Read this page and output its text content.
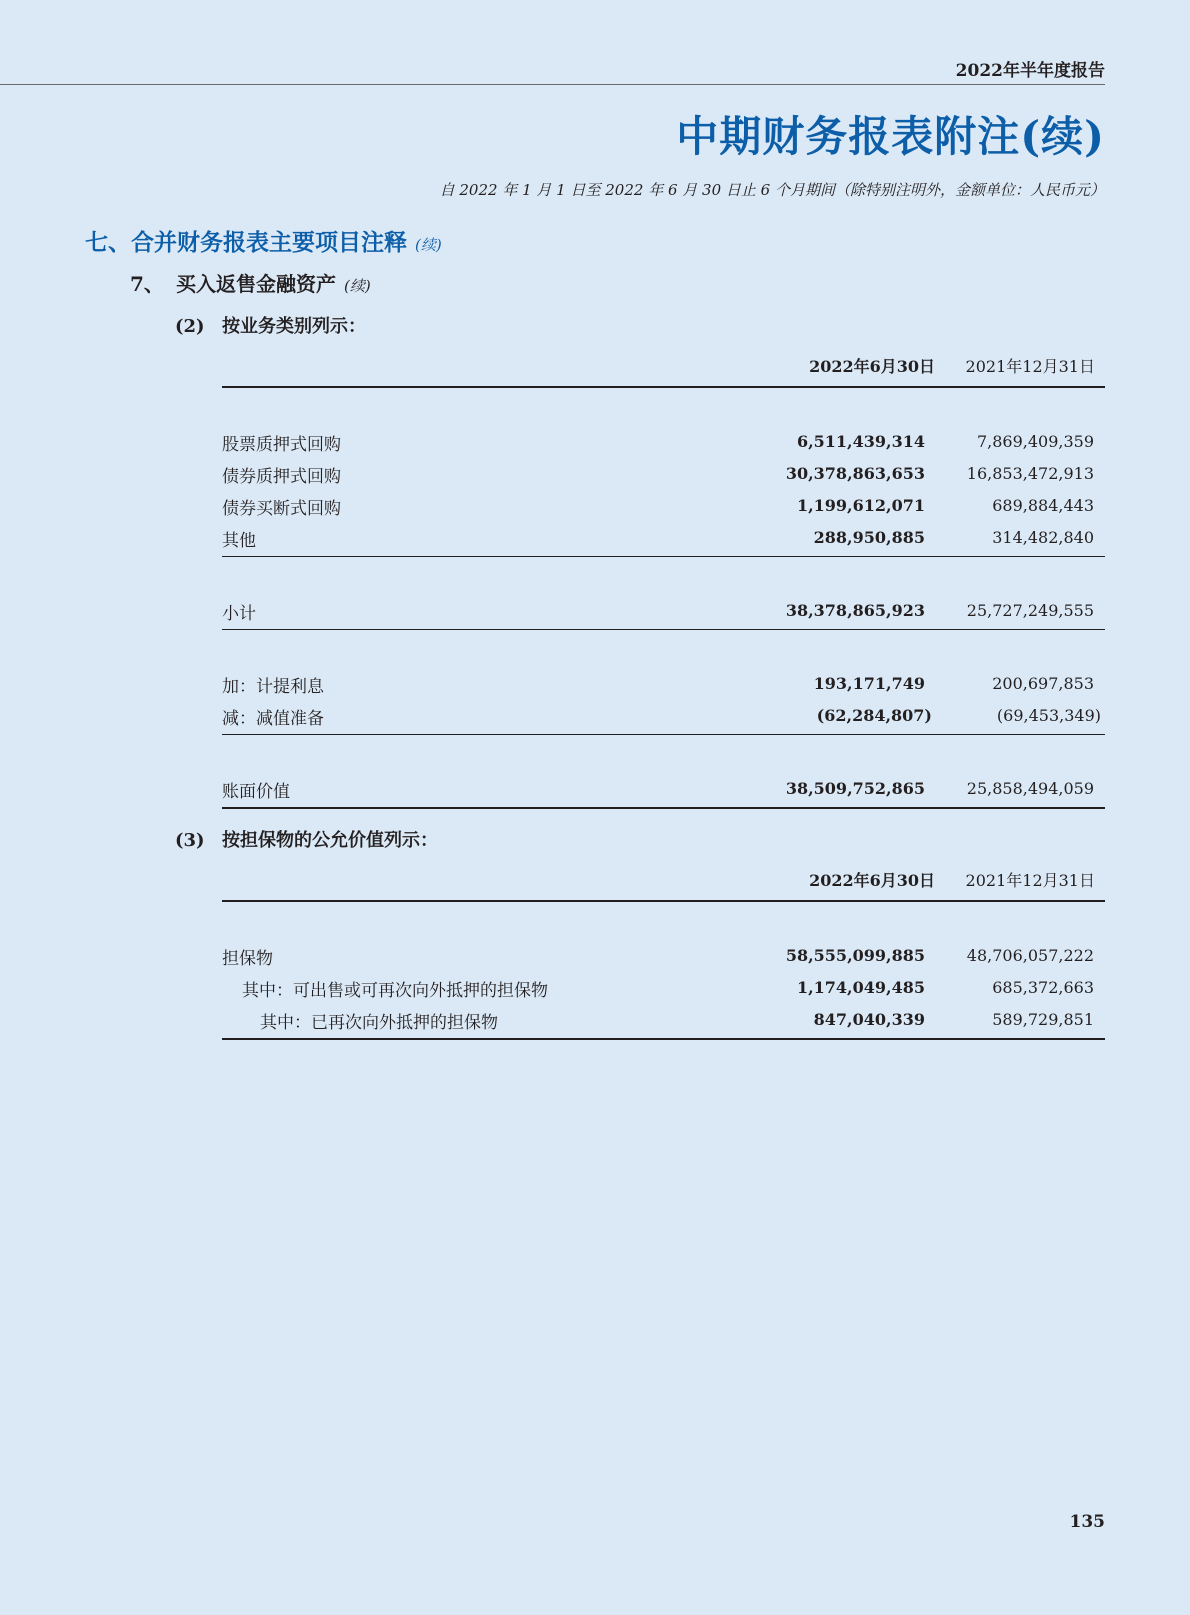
2022年半年度报告
中期财务报表附注(续)
自 2022 年 1 月 1 日至 2022 年 6 月 30 日止 6 个月期间（除特别注明外，金额单位：人民币元）
七、合并财务报表主要项目注释 (续)
7、 买入返售金融资产 (续)
(2) 按业务类别列示：
2022年6月30日	2021年12月31日
股票质押式回购	6,511,439,314	7,869,409,359
债券质押式回购	30,378,863,653	16,853,472,913
债券买断式回购	1,199,612,071	689,884,443
其他	288,950,885	314,482,840
小计	38,378,865,923	25,727,249,555
加：计提利息	193,171,749	200,697,853
减：减值准备	(62,284,807)	(69,453,349)
账面价值	38,509,752,865	25,858,494,059
(3) 按担保物的公允价值列示：
2022年6月30日	2021年12月31日
担保物	58,555,099,885	48,706,057,222
其中：可出售或可再次向外抵押的担保物	1,174,049,485	685,372,663
其中：已再次向外抵押的担保物	847,040,339	589,729,851
135
